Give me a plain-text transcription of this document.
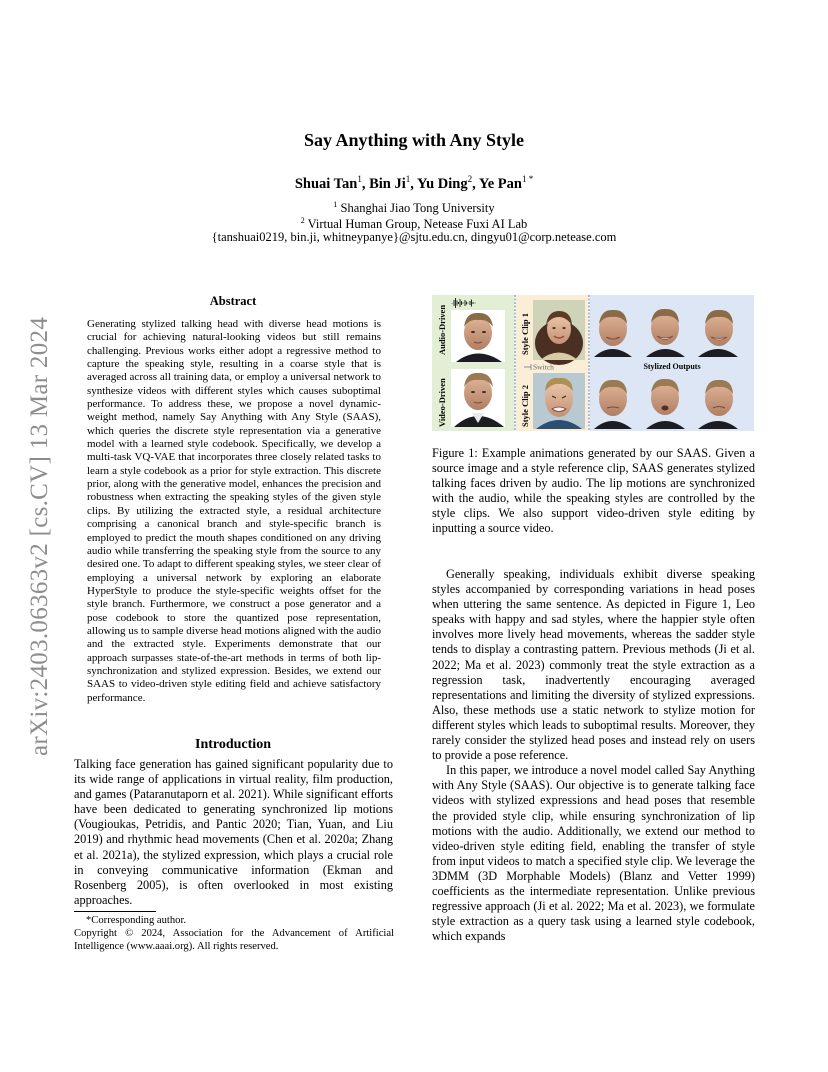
arXiv:2403.06363v2 [cs.CV] 13 Mar 2024
Say Anything with Any Style
Shuai Tan$^1$, Bin Ji$^1$, Yu Ding$^2$, Ye Pan$^{1 *}$
$^1$ Shanghai Jiao Tong University
$^2$ Virtual Human Group, Netease Fuxi AI Lab
{tanshuai0219, bin.ji, whitneypanye}@sjtu.edu.cn, dingyu01@corp.netease.com
Abstract

Generating stylized talking head with diverse head motions is crucial for achieving natural-looking videos but still remains challenging. Previous works either adopt a regressive method to capture the speaking style, resulting in a coarse style that is averaged across all training data, or employ a universal network to synthesize videos with different styles which causes suboptimal performance. To address these, we propose a novel dynamic-weight method, namely Say Anything with Any Style (SAAS), which queries the discrete style representation via a generative model with a learned style codebook. Specifically, we develop a multi-task VQ-VAE that incorporates three closely related tasks to learn a style codebook as a prior for style extraction. This discrete prior, along with the generative model, enhances the precision and robustness when extracting the speaking styles of the given style clips. By utilizing the extracted style, a residual architecture comprising a canonical branch and style-specific branch is employed to predict the mouth shapes conditioned on any driving audio while transferring the speaking style from the source to any desired one. To adapt to different speaking styles, we steer clear of employing a universal network by exploring an elaborate HyperStyle to produce the style-specific weights offset for the style branch. Furthermore, we construct a pose generator and a pose codebook to store the quantized pose representation, allowing us to sample diverse head motions aligned with the audio and the extracted style. Experiments demonstrate that our approach surpasses state-of-the-art methods in terms of both lip-synchronization and stylized expression. Besides, we extend our SAAS to video-driven style editing field and achieve satisfactory performance.

Introduction

Talking face generation has gained significant popularity due to its wide range of applications in virtual reality, film production, and games (Pataranutaporn et al. 2021). While significant efforts have been dedicated to generating synchronized lip motions (Vougioukas, Petridis, and Pantic 2020; Tian, Yuan, and Liu 2019) and rhythmic head movements (Chen et al. 2020a; Zhang et al. 2021a), the stylized expression, which plays a crucial role in conveying communicative information (Ekman and Rosenberg 2005), is often overlooked in most existing approaches.

*Corresponding author.

Copyright © 2024, Association for the Advancement of Artificial Intelligence (www.aaai.org). All rights reserved.

Audio-Driven
Video-Driven
Style Clip 1
Style Clip 2
Switch	Stylized Outputs

Figure 1: Example animations generated by our SAAS. Given a source image and a style reference clip, SAAS generates stylized talking faces driven by audio. The lip motions are synchronized with the audio, while the speaking styles are controlled by the style clips. We also support video-driven style editing by inputting a source video.

Generally speaking, individuals exhibit diverse speaking styles accompanied by corresponding variations in head poses when uttering the same sentence. As depicted in Figure 1, Leo speaks with happy and sad styles, where the happier style often involves more lively head movements, whereas the sadder style tends to display a contrasting pattern. Previous methods (Ji et al. 2022; Ma et al. 2023) commonly treat the style extraction as a regression task, inadvertently encouraging averaged representations and limiting the diversity of stylized expressions. Also, these methods use a static network to stylize motion for different styles which leads to suboptimal results. Moreover, they rarely consider the stylized head poses and instead rely on users to provide a pose reference.

In this paper, we introduce a novel model called Say Anything with Any Style (SAAS). Our objective is to generate talking face videos with stylized expressions and head poses that resemble the provided style clip, while ensuring synchronization of lip motions with the audio. Additionally, we extend our method to video-driven style editing field, enabling the transfer of style from input videos to match a specified style clip. We leverage the 3DMM (3D Morphable Models) (Blanz and Vetter 1999) coefficients as the intermediate representation. Unlike previous regressive approach (Ji et al. 2022; Ma et al. 2023), we formulate style extraction as a query task using a learned style codebook, which expands
